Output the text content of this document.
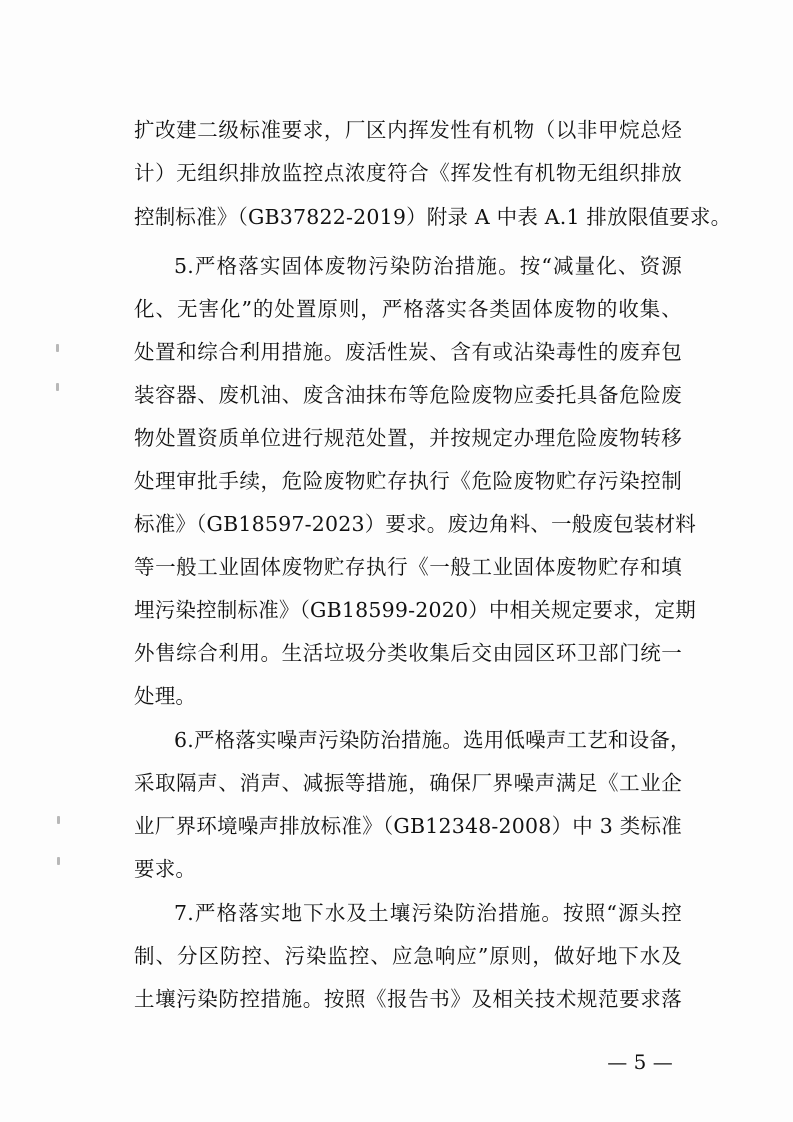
扩改建二级标准要求，厂区内挥发性有机物（以非甲烷总烃
计）无组织排放监控点浓度符合《挥发性有机物无组织排放
控制标准》（GB37822-2019）附录 A 中表 A.1 排放限值要求。
5.严格落实固体废物污染防治措施。按“减量化、资源
化、无害化”的处置原则，严格落实各类固体废物的收集、
处置和综合利用措施。废活性炭、含有或沾染毒性的废弃包
装容器、废机油、废含油抹布等危险废物应委托具备危险废
物处置资质单位进行规范处置，并按规定办理危险废物转移
处理审批手续，危险废物贮存执行《危险废物贮存污染控制
标准》（GB18597-2023）要求。废边角料、一般废包装材料
等一般工业固体废物贮存执行《一般工业固体废物贮存和填
埋污染控制标准》（GB18599-2020）中相关规定要求，定期
外售综合利用。生活垃圾分类收集后交由园区环卫部门统一
处理。
6.严格落实噪声污染防治措施。选用低噪声工艺和设备，
采取隔声、消声、减振等措施，确保厂界噪声满足《工业企
业厂界环境噪声排放标准》（GB12348-2008）中 3 类标准
要求。
7.严格落实地下水及土壤污染防治措施。按照“源头控
制、分区防控、污染监控、应急响应”原则，做好地下水及
土壤污染防控措施。按照《报告书》及相关技术规范要求落
— 5 —
